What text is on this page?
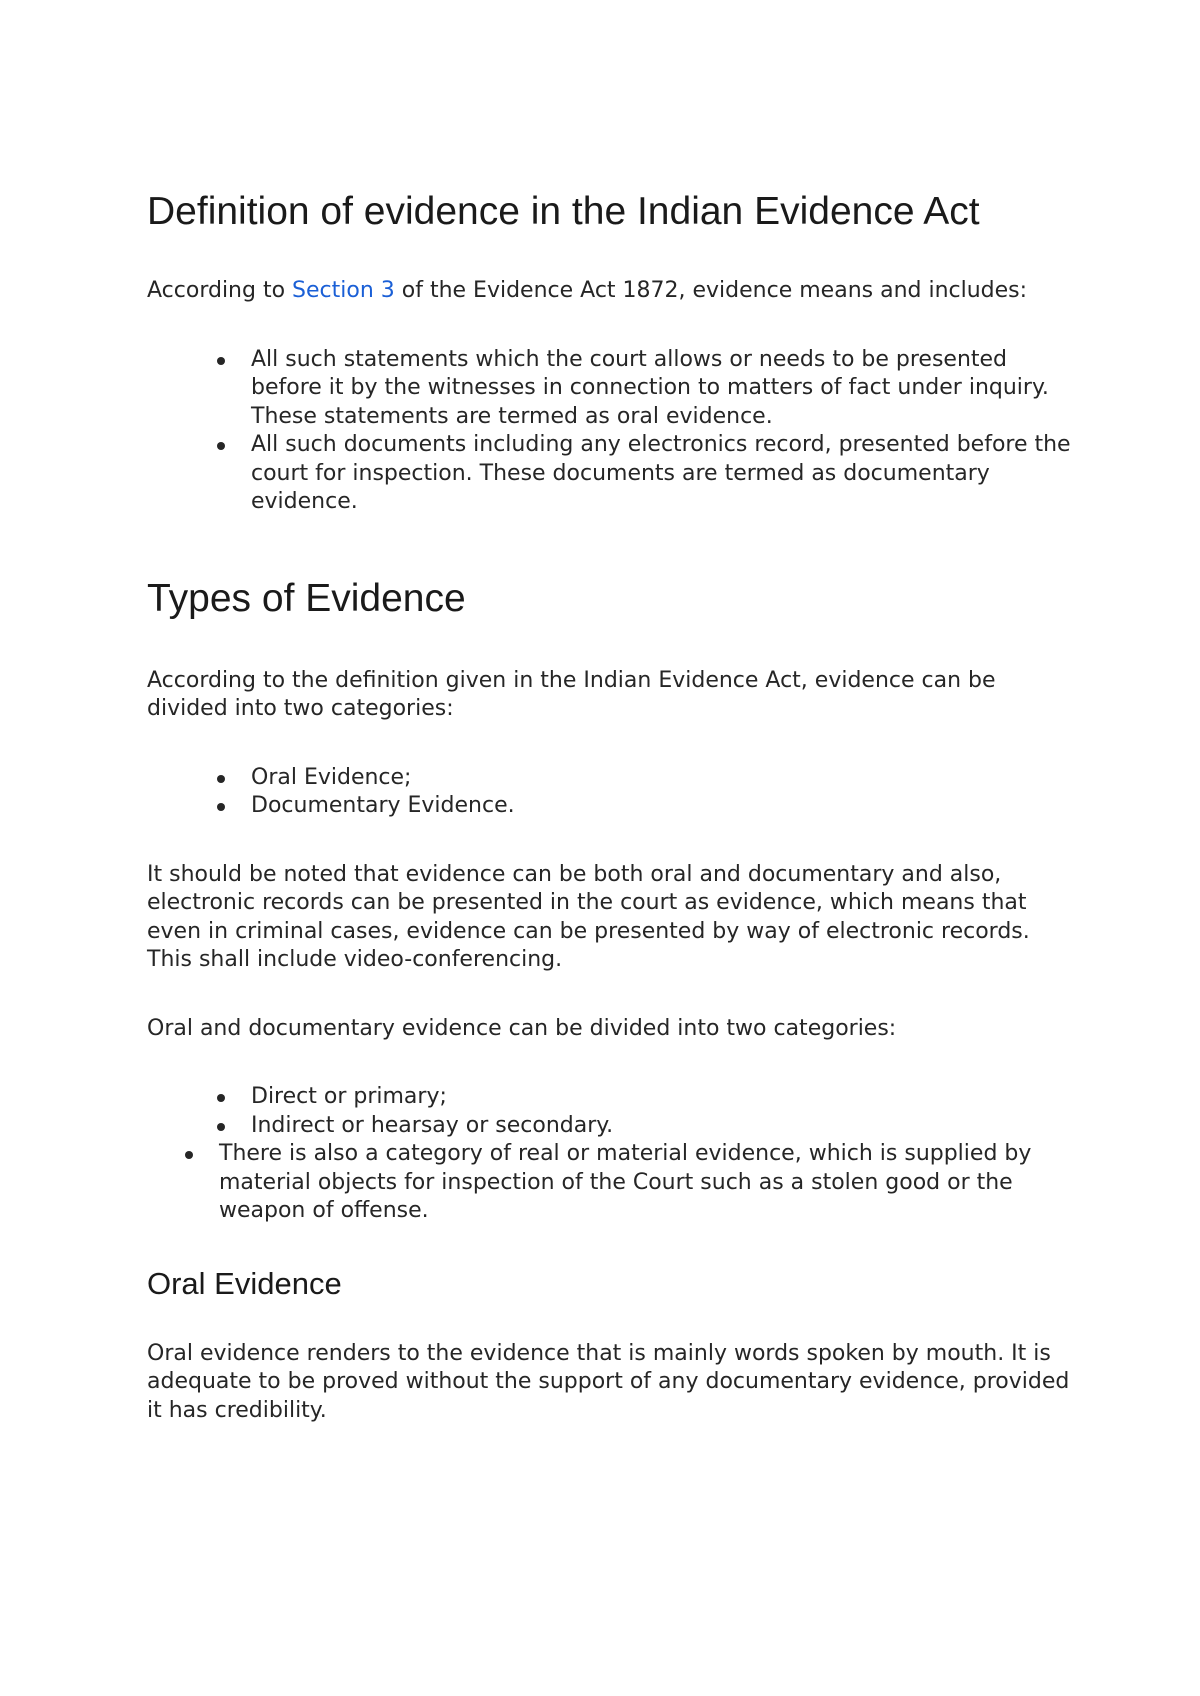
Definition of evidence in the Indian Evidence Act

According to Section 3 of the Evidence Act 1872, evidence means and includes:

All such statements which the court allows or needs to be presented before it by the witnesses in connection to matters of fact under inquiry. These statements are termed as oral evidence.
All such documents including any electronics record, presented before the court for inspection. These documents are termed as documentary evidence.
Types of Evidence

According to the definition given in the Indian Evidence Act, evidence can be divided into two categories:

Oral Evidence;
Documentary Evidence.

It should be noted that evidence can be both oral and documentary and also, electronic records can be presented in the court as evidence, which means that even in criminal cases, evidence can be presented by way of electronic records. This shall include video-conferencing.

Oral and documentary evidence can be divided into two categories:

Direct or primary;
Indirect or hearsay or secondary.
There is also a category of real or material evidence, which is supplied by material objects for inspection of the Court such as a stolen good or the weapon of offense.
Oral Evidence

Oral evidence renders to the evidence that is mainly words spoken by mouth. It is adequate to be proved without the support of any documentary evidence, provided it has credibility.
